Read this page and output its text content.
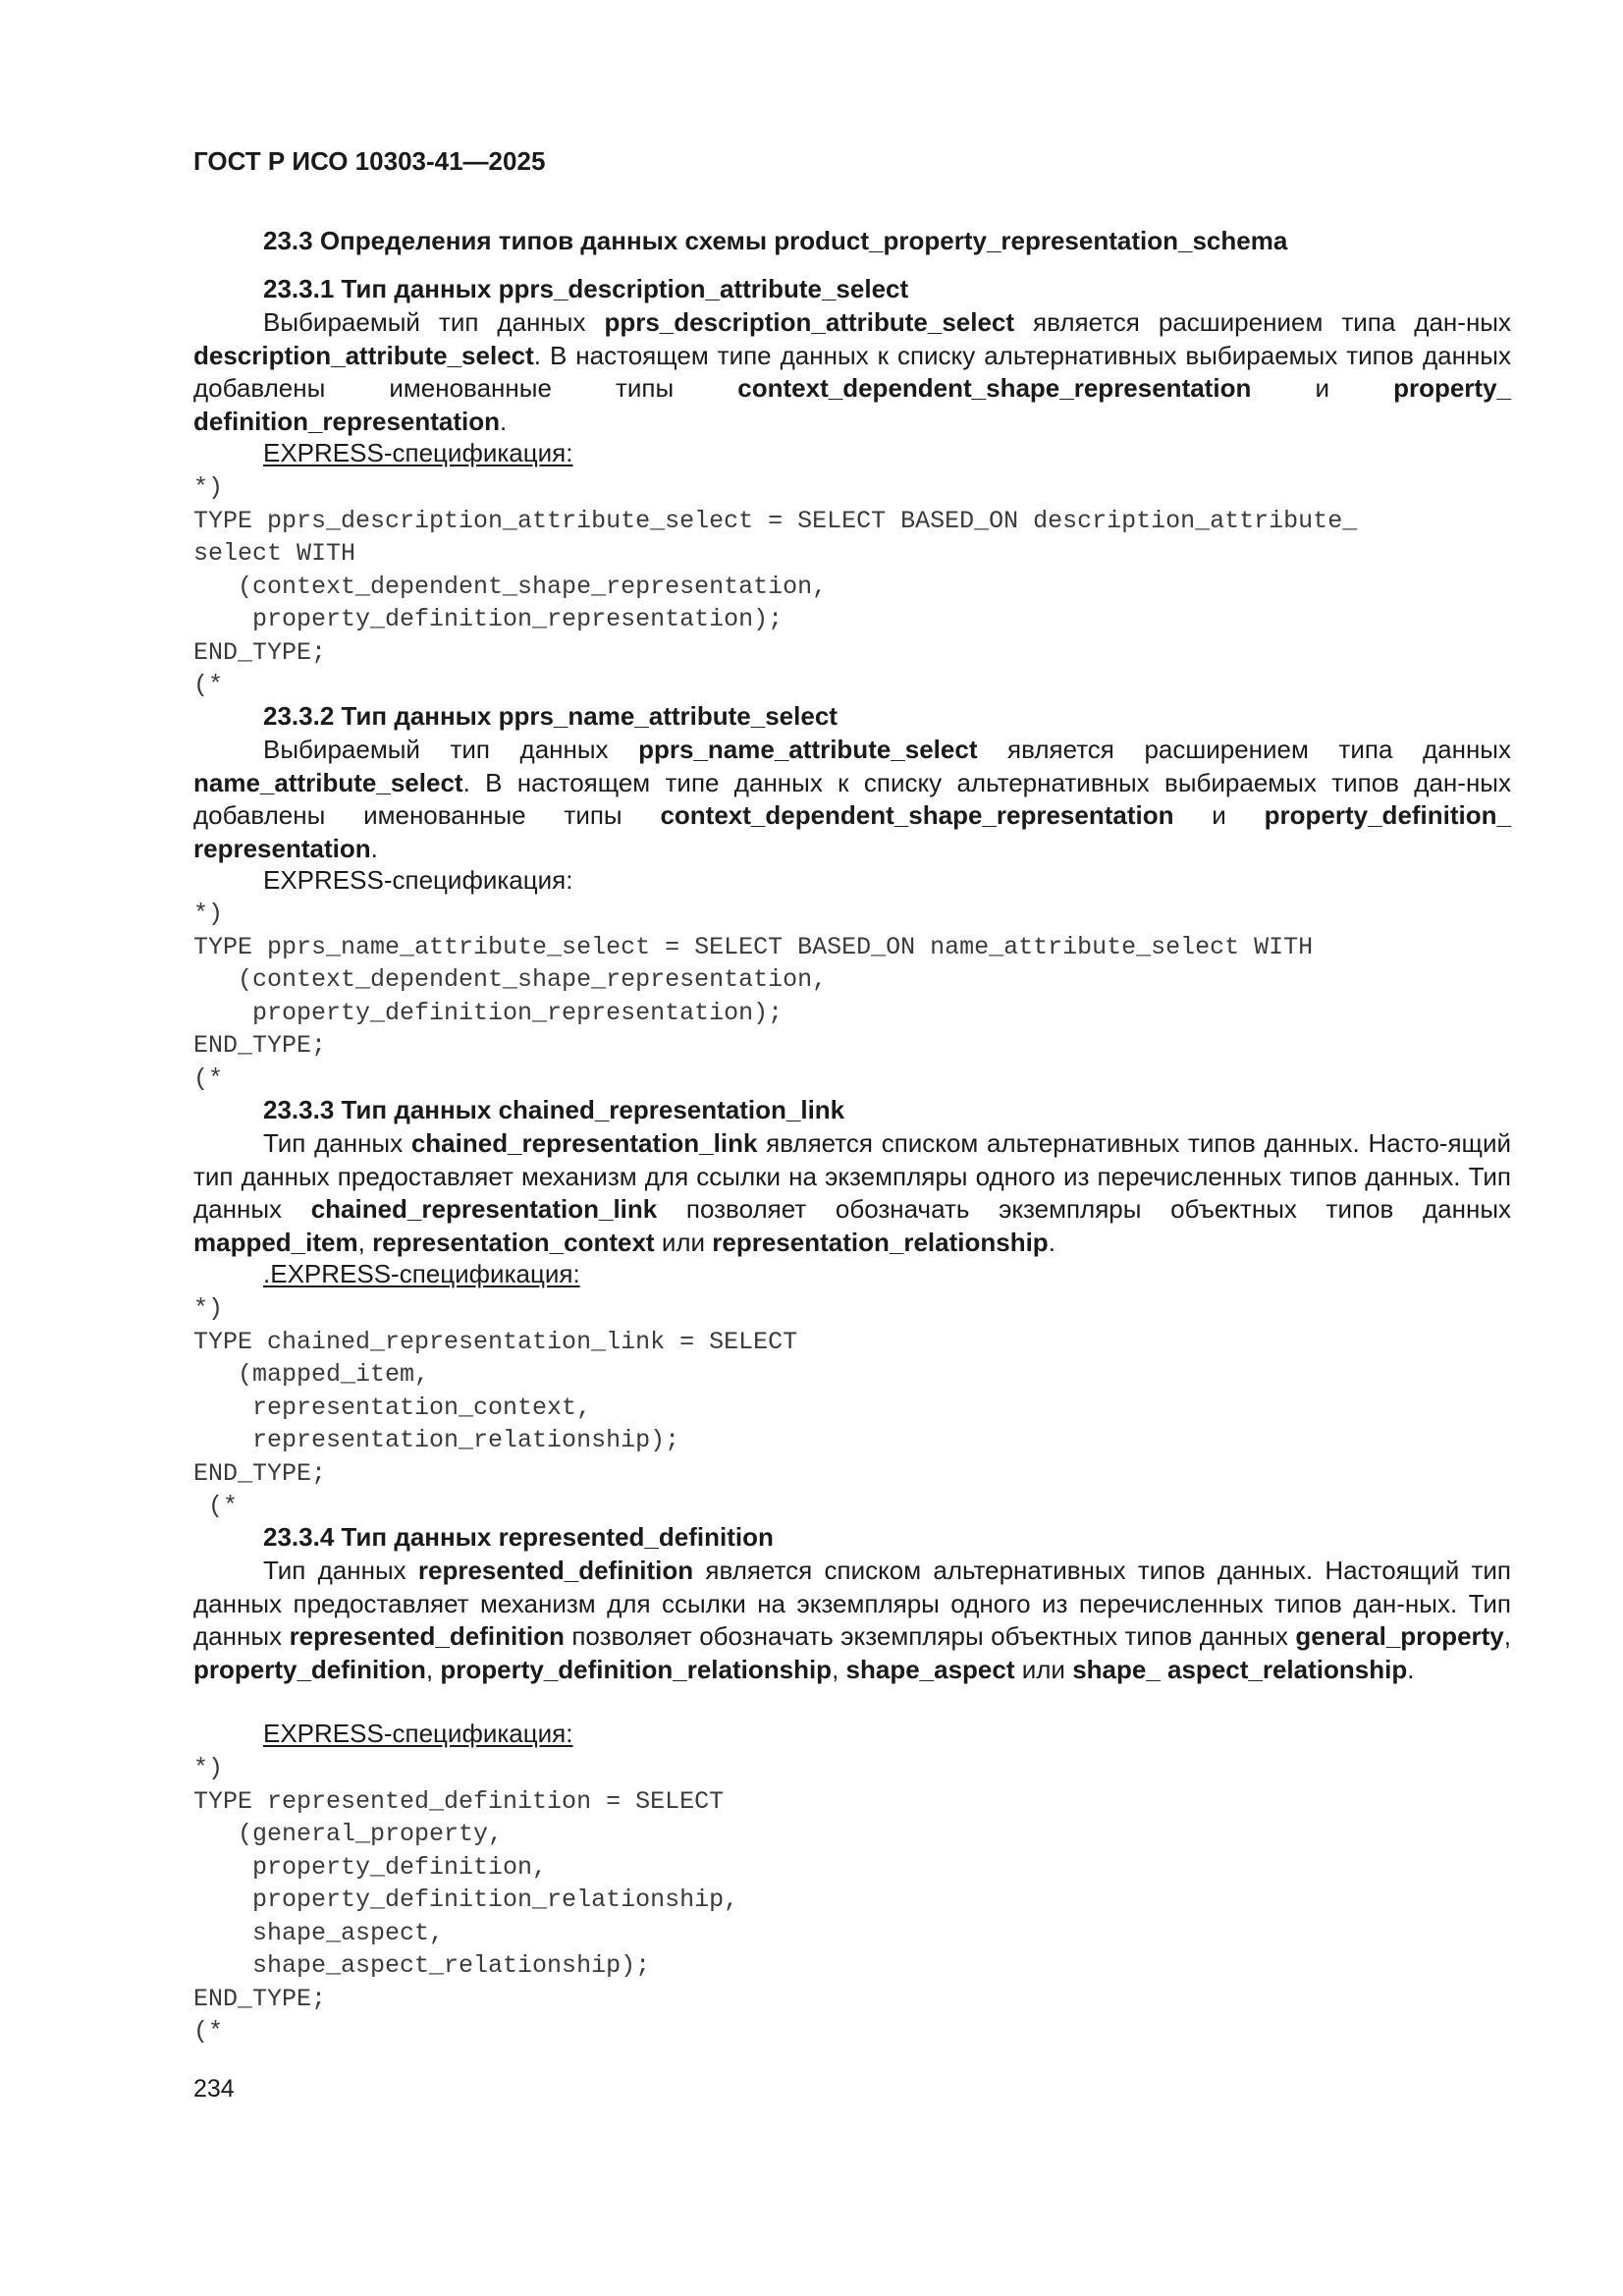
ГОСТ Р ИСО 10303-41—2025
23.3 Определения типов данных схемы product_property_representation_schema
23.3.1 Тип данных pprs_description_attribute_select

Выбираемый тип данных pprs_description_attribute_select является расширением типа дан-ных description_attribute_select. В настоящем типе данных к списку альтернативных выбираемых типов данных добавлены именованные типы context_dependent_shape_representation и property_ definition_representation.

EXPRESS-спецификация:
*)
TYPE pprs_description_attribute_select = SELECT BASED_ON description_attribute_
select WITH
(context_dependent_shape_representation,
property_definition_representation);
END_TYPE;
(*
23.3.2 Тип данных pprs_name_attribute_select

Выбираемый тип данных pprs_name_attribute_select является расширением типа данных name_attribute_select. В настоящем типе данных к списку альтернативных выбираемых типов дан-ных добавлены именованные типы context_dependent_shape_representation и property_definition_ representation.

EXPRESS-спецификация:
*)
TYPE pprs_name_attribute_select = SELECT BASED_ON name_attribute_select WITH
(context_dependent_shape_representation,
property_definition_representation);
END_TYPE;
(*
23.3.3 Тип данных chained_representation_link

Тип данных chained_representation_link является списком альтернативных типов данных. Насто-ящий тип данных предоставляет механизм для ссылки на экземпляры одного из перечисленных типов данных. Тип данных chained_representation_link позволяет обозначать экземпляры объектных типов данных mapped_item, representation_context или representation_relationship.

.EXPRESS-спецификация:
*)
TYPE chained_representation_link = SELECT
(mapped_item,
representation_context,
representation_relationship);
END_TYPE;
(*
23.3.4 Тип данных represented_definition

Тип данных represented_definition является списком альтернативных типов данных. Настоящий тип данных предоставляет механизм для ссылки на экземпляры одного из перечисленных типов дан-ных. Тип данных represented_definition позволяет обозначать экземпляры объектных типов данных general_property, property_definition, property_definition_relationship, shape_aspect или shape_ aspect_relationship.

EXPRESS-спецификация:
*)
TYPE represented_definition = SELECT
(general_property,
property_definition,
property_definition_relationship,
shape_aspect,
shape_aspect_relationship);
END_TYPE;
(*
234
